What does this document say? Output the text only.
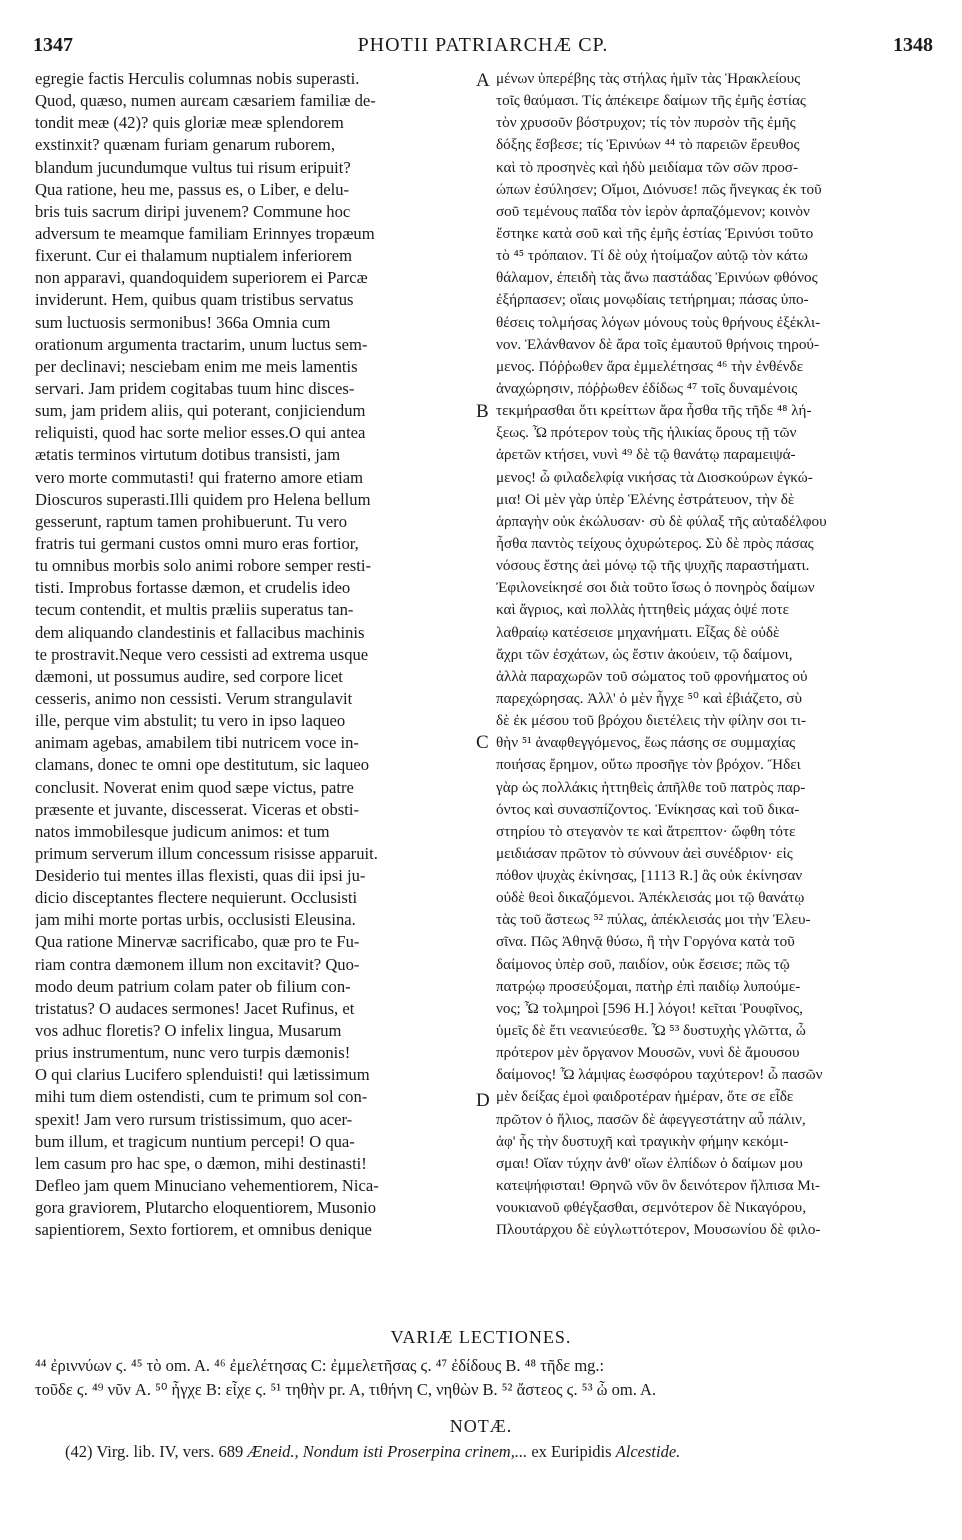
1347	PHOTII PATRIARCHÆ CP.	1348
egregie factis Herculis columnas nobis superasti.
Quod, quæso, numen aurєam cæsariem familiæ de-
tondit meæ (42)? quis gloriæ meæ splendorem
exstinxit? quænam furiam genarum ruborem,
blandum jucundumque vultus tui risum eripuit?
Qua ratione, heu me, passus es, o Liber, e delu-
bris tuis sacrum diripi juvenem? Commune hoc
adversum te meamque familiam Erinnyes tropæum
fixerunt. Cur ei thalamum nuptialem inferiorem
non apparavi, quandoquidem superiorem ei Parcæ
inviderunt. Hem, quibus quam tristibus servatus
sum luctuosis sermonibus! 366a Omnia cum
orationum argumenta tractarim, unum luctus sem-
per declinavi; nesciebam enim me meis lamentis
servari. Jam pridem cogitabas tuum hinc disces-
sum, jam pridem aliis, qui poterant, conjiciendum
reliquisti, quod hac sorte melior esses.O qui antea
ætatis terminos virtutum dotibus transisti, jam
vero morte commutasti! qui fraterno amore etiam
Dioscuros superasti.Illi quidem pro Helena bellum
gesserunt, raptum tamen prohibuerunt. Tu vero
fratris tui germani custos omni muro eras fortior,
tu omnibus morbis solo animi robore semper resti-
tisti. Improbus fortasse dæmon, et crudelis ideo
tecum contendit, et multis præliis superatus tan-
dem aliquando clandestinis et fallacibus machinis
te prostravit.Neque vero cessisti ad extrema usque
dæmoni, ut possumus audire, sed corpore licet
cesseris, animo non cessisti. Verum strangulavit
ille, perque vim abstulit; tu vero in ipso laqueo
animam agebas, amabilem tibi nutricem voce in-
clamans, donec te omni ope destitutum, sic laqueo
conclusit. Noverat enim quod sæpe victus, patre
præsente et juvante, discesserat. Viceras et obsti-
natos immobilesque judicum animos: et tum
primum serverum illum concessum risisse apparuit.
Desiderio tui mentes illas flexisti, quas dii ipsi ju-
dicio disceptantes flectere nequierunt. Occlusisti
jam mihi morte portas urbis, occlusisti Eleusina.
Qua ratione Minervæ sacrificabo, quæ pro te Fu-
riam contra dæmonem illum non excitavit? Quo-
modo deum patrium colam pater ob filium con-
tristatus? O audaces sermones! Jacet Rufinus, et
vos adhuc floretis? O infelix lingua, Musarum
prius instrumentum, nunc vero turpis dæmonis!
O qui clarius Lucifero splenduisti! qui lætissimum
mihi tum diem ostendisti, cum te primum sol con-
spexit! Jam vero rursum tristissimum, quo acer-
bum illum, et tragicum nuntium percepi! O qua-
lem casum pro hac spe, o dæmon, mihi destinasti!
Defleo jam quem Minuciano vehementiorem, Nica-
gora graviorem, Plutarcho eloquentiorem, Musonio
sapientiorem, Sexto fortiorem, et omnibus denique
A
B
C
D
μένων ὑπερέβης τὰς στήλας ἡμῖν τὰς Ἡρακλείους
τοῖς θαύμασι. Τίς ἀπέκειρε δαίμων τῆς ἐμῆς ἑστίας
τὸν χρυσοῦν βόστρυχον; τίς τὸν πυρσὸν τῆς ἐμῆς
δόξης ἔσβεσε; τίς Ἐρινύων ⁴⁴ τὸ παρειῶν ἔρευθος
καὶ τὸ προσηνὲς καὶ ἡδὺ μειδίαμα τῶν σῶν προσ-
ώπων ἐσύλησεν; Οἴμοι, Διόνυσε! πῶς ἤνεγκας ἐκ τοῦ
σοῦ τεμένους παῖδα τὸν ἱερὸν ἁρπαζόμενον; κοινὸν
ἔστηκε κατὰ σοῦ καὶ τῆς ἐμῆς ἑστίας Ἐρινύσι τοῦτο
τὸ ⁴⁵ τρόπαιον. Τί δὲ οὐχ ἡτοίμαζον αὐτῷ τὸν κάτω
θάλαμον, ἐπειδὴ τὰς ἄνω παστάδας Ἐρινύων φθόνος
ἐξήρπασεν; οἵαις μονῳδίαις τετήρημαι; πάσας ὑπο-
θέσεις τολμήσας λόγων μόνους τοὺς θρήνους ἐξέκλι-
νον. Ἐλάνθανον δὲ ἄρα τοῖς ἐμαυτοῦ θρήνοις τηρού-
μενος. Πόῤῥωθεν ἄρα ἐμμελέτησας ⁴⁶ τὴν ἐνθένδε
ἀναχώρησιν, πόῤῥωθεν ἐδίδως ⁴⁷ τοῖς δυναμένοις
τεκμήρασθαι ὅτι κρείττων ἄρα ἦσθα τῆς τῆδε ⁴⁸ λή-
ξεως. Ὦ πρότερον τοὺς τῆς ἡλικίας ὅρους τῇ τῶν
ἀρετῶν κτήσει, νυνὶ ⁴⁹ δὲ τῷ θανάτῳ παραμειψά-
μενος! ὦ φιλαδελφίᾳ νικήσας τὰ Διοσκούρων ἐγκώ-
μια! Οἱ μὲν γὰρ ὑπὲρ Ἑλένης ἐστράτευον, τὴν δὲ
ἁρπαγὴν οὐκ ἐκώλυσαν· σὺ δὲ φύλαξ τῆς αὐταδέλφου
ἦσθα παντὸς τείχους ὀχυρώτερος. Σὺ δὲ πρὸς πάσας
νόσους ἔστης ἀεὶ μόνῳ τῷ τῆς ψυχῆς παραστήματι.
Ἐφιλονείκησέ σοι διὰ τοῦτο ἴσως ὁ πονηρὸς δαίμων
καὶ ἄγριος, καὶ πολλὰς ἡττηθεὶς μάχας ὀψέ ποτε
λαθραίῳ κατέσεισε μηχανήματι. Εἶξας δὲ οὐδὲ
ἄχρι τῶν ἐσχάτων, ὡς ἔστιν ἀκούειν, τῷ δαίμονι,
ἀλλὰ παραχωρῶν τοῦ σώματος τοῦ φρονήματος οὐ
παρεχώρησας. Ἀλλ' ὁ μὲν ἦγχε ⁵⁰ καὶ ἐβιάζετο, σὺ
δὲ ἐκ μέσου τοῦ βρόχου διετέλεις τὴν φίλην σοι τι-
θὴν ⁵¹ ἀναφθεγγόμενος, ἕως πάσης σε συμμαχίας
ποιήσας ἔρημον, οὕτω προσῆγε τὸν βρόχον. Ἤδει
γὰρ ὡς πολλάκις ἡττηθεὶς ἀπῆλθε τοῦ πατρὸς παρ-
όντος καὶ συνασπίζοντος. Ἐνίκησας καὶ τοῦ δικα-
στηρίου τὸ στεγανὸν τε καὶ ἄτρεπτον· ὤφθη τότε
μειδιάσαν πρῶτον τὸ σύννουν ἀεὶ συνέδριον· εἰς
πόθον ψυχὰς ἐκίνησας, [1113 R.] ἃς οὐκ ἐκίνησαν
οὐδὲ θεοὶ δικαζόμενοι. Ἀπέκλεισάς μοι τῷ θανάτῳ
τὰς τοῦ ἄστεως ⁵² πύλας, ἀπέκλεισάς μοι τὴν Ἐλευ-
σῖνα. Πῶς Ἀθηνᾷ θύσω, ἣ τὴν Γοργόνα κατὰ τοῦ
δαίμονος ὑπὲρ σοῦ, παιδίον, οὐκ ἔσεισε; πῶς τῷ
πατρῴῳ προσεύξομαι, πατὴρ ἐπὶ παιδίῳ λυπούμε-
νος; Ὦ τολμηροὶ [596 H.] λόγοι! κεῖται Ῥουφῖνος,
ὑμεῖς δὲ ἔτι νεανιεύεσθε. Ὦ ⁵³ δυστυχὴς γλῶττα, ὦ
πρότερον μὲν ὄργανον Μουσῶν, νυνὶ δὲ ἄμουσου
δαίμονος! Ὦ λάμψας ἑωσφόρου ταχύτερον! ὦ πασῶν
μὲν δείξας ἐμοὶ φαιδροτέραν ἡμέραν, ὅτε σε εἶδε
πρῶτον ὁ ἥλιος, πασῶν δὲ ἀφεγγεστάτην αὖ πάλιν,
ἀφ' ἧς τὴν δυστυχῆ καὶ τραγικὴν φήμην κεκόμι-
σμαι! Οἵαν τύχην ἀνθ' οἵων ἐλπίδων ὁ δαίμων μου
κατεψήφισται! Θρηνῶ νῦν ὃν δεινότερον ἤλπισα Μι-
νουκιανοῦ φθέγξασθαι, σεμνότερον δὲ Νικαγόρου,
Πλουτάρχου δὲ εὐγλωττότερον, Μουσωνίου δὲ φιλο-
VARIÆ LECTIONES.
⁴⁴ ἐριννύων ϛ. ⁴⁵ τὸ om. A. ⁴⁶ ἐμελέτησας C: ἐμμελετῆσας ϛ. ⁴⁷ ἐδίδους B. ⁴⁸ τῆδε mg.:
τοῦδε ϛ. ⁴⁹ νῦν A. ⁵⁰ ἦγχε B: εἶχε ϛ. ⁵¹ τηθὴν pr. A, τιθήνη C, νηθὼν B. ⁵² ἄστεος ϛ. ⁵³ ὦ om. A.
NOTÆ.
(42) Virg. lib. IV, vers. 689 Æneid., Nondum isti Proserpina crinem,... ex Euripidis Alcestide.
